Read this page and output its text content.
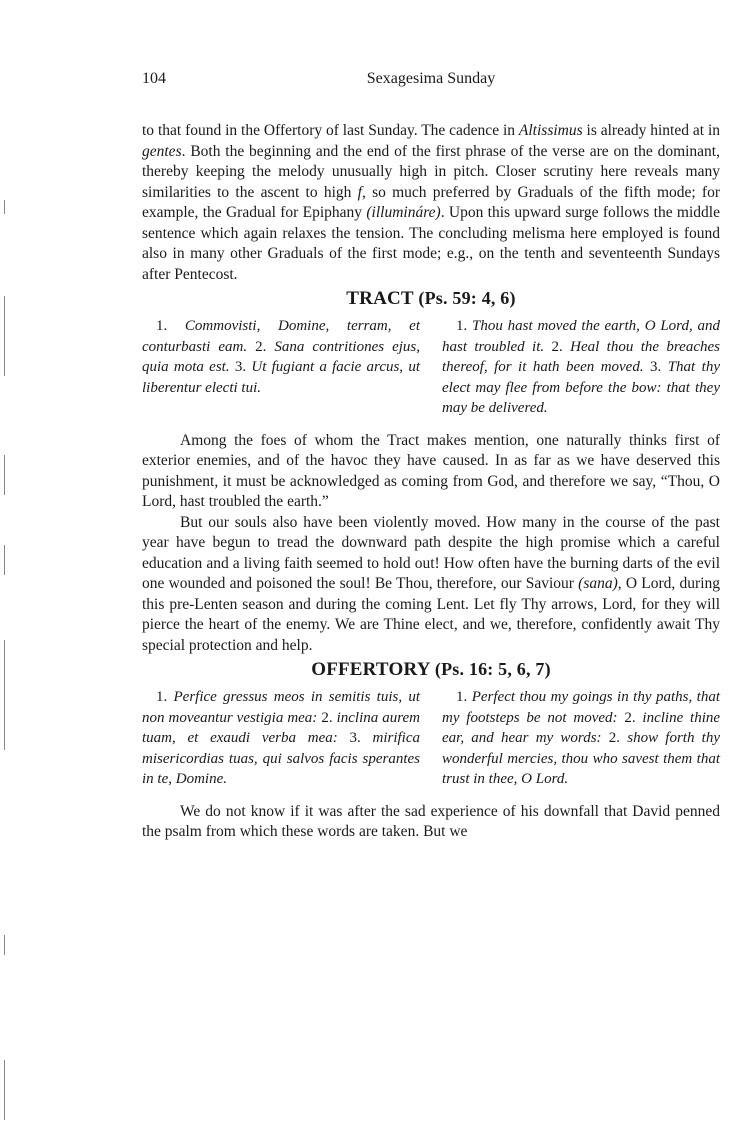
104	Sexagesima Sunday

to that found in the Offertory of last Sunday. The cadence in Altissimus is already hinted at in gentes. Both the beginning and the end of the first phrase of the verse are on the dominant, thereby keeping the melody unusually high in pitch. Closer scrutiny here reveals many similarities to the ascent to high f, so much preferred by Graduals of the fifth mode; for example, the Gradual for Epiphany (illumináre). Upon this upward surge follows the middle sentence which again relaxes the tension. The concluding melisma here employed is found also in many other Graduals of the first mode; e.g., on the tenth and seventeenth Sundays after Pentecost.

TRACT (Ps. 59: 4, 6)
1. Commovisti, Domine, terram, et conturbasti eam. 2. Sana contritiones ejus, quia mota est. 3. Ut fugiant a facie arcus, ut liberentur electi tui.
1. Thou hast moved the earth, O Lord, and hast troubled it. 2. Heal thou the breaches thereof, for it hath been moved. 3. That thy elect may flee from before the bow: that they may be delivered.

Among the foes of whom the Tract makes mention, one naturally thinks first of exterior enemies, and of the havoc they have caused. In as far as we have deserved this punishment, it must be acknowledged as coming from God, and therefore we say, “Thou, O Lord, hast troubled the earth.”

But our souls also have been violently moved. How many in the course of the past year have begun to tread the downward path despite the high promise which a careful education and a living faith seemed to hold out! How often have the burning darts of the evil one wounded and poisoned the soul! Be Thou, therefore, our Saviour (sana), O Lord, during this pre-Lenten season and during the coming Lent. Let fly Thy arrows, Lord, for they will pierce the heart of the enemy. We are Thine elect, and we, therefore, confidently await Thy special protection and help.

OFFERTORY (Ps. 16: 5, 6, 7)
1. Perfice gressus meos in semitis tuis, ut non moveantur vestigia mea: 2. inclina aurem tuam, et exaudi verba mea: 3. mirifica misericordias tuas, qui salvos facis sperantes in te, Domine.
1. Perfect thou my goings in thy paths, that my footsteps be not moved: 2. incline thine ear, and hear my words: 2. show forth thy wonderful mercies, thou who savest them that trust in thee, O Lord.

We do not know if it was after the sad experience of his downfall that David penned the psalm from which these words are taken. But we
